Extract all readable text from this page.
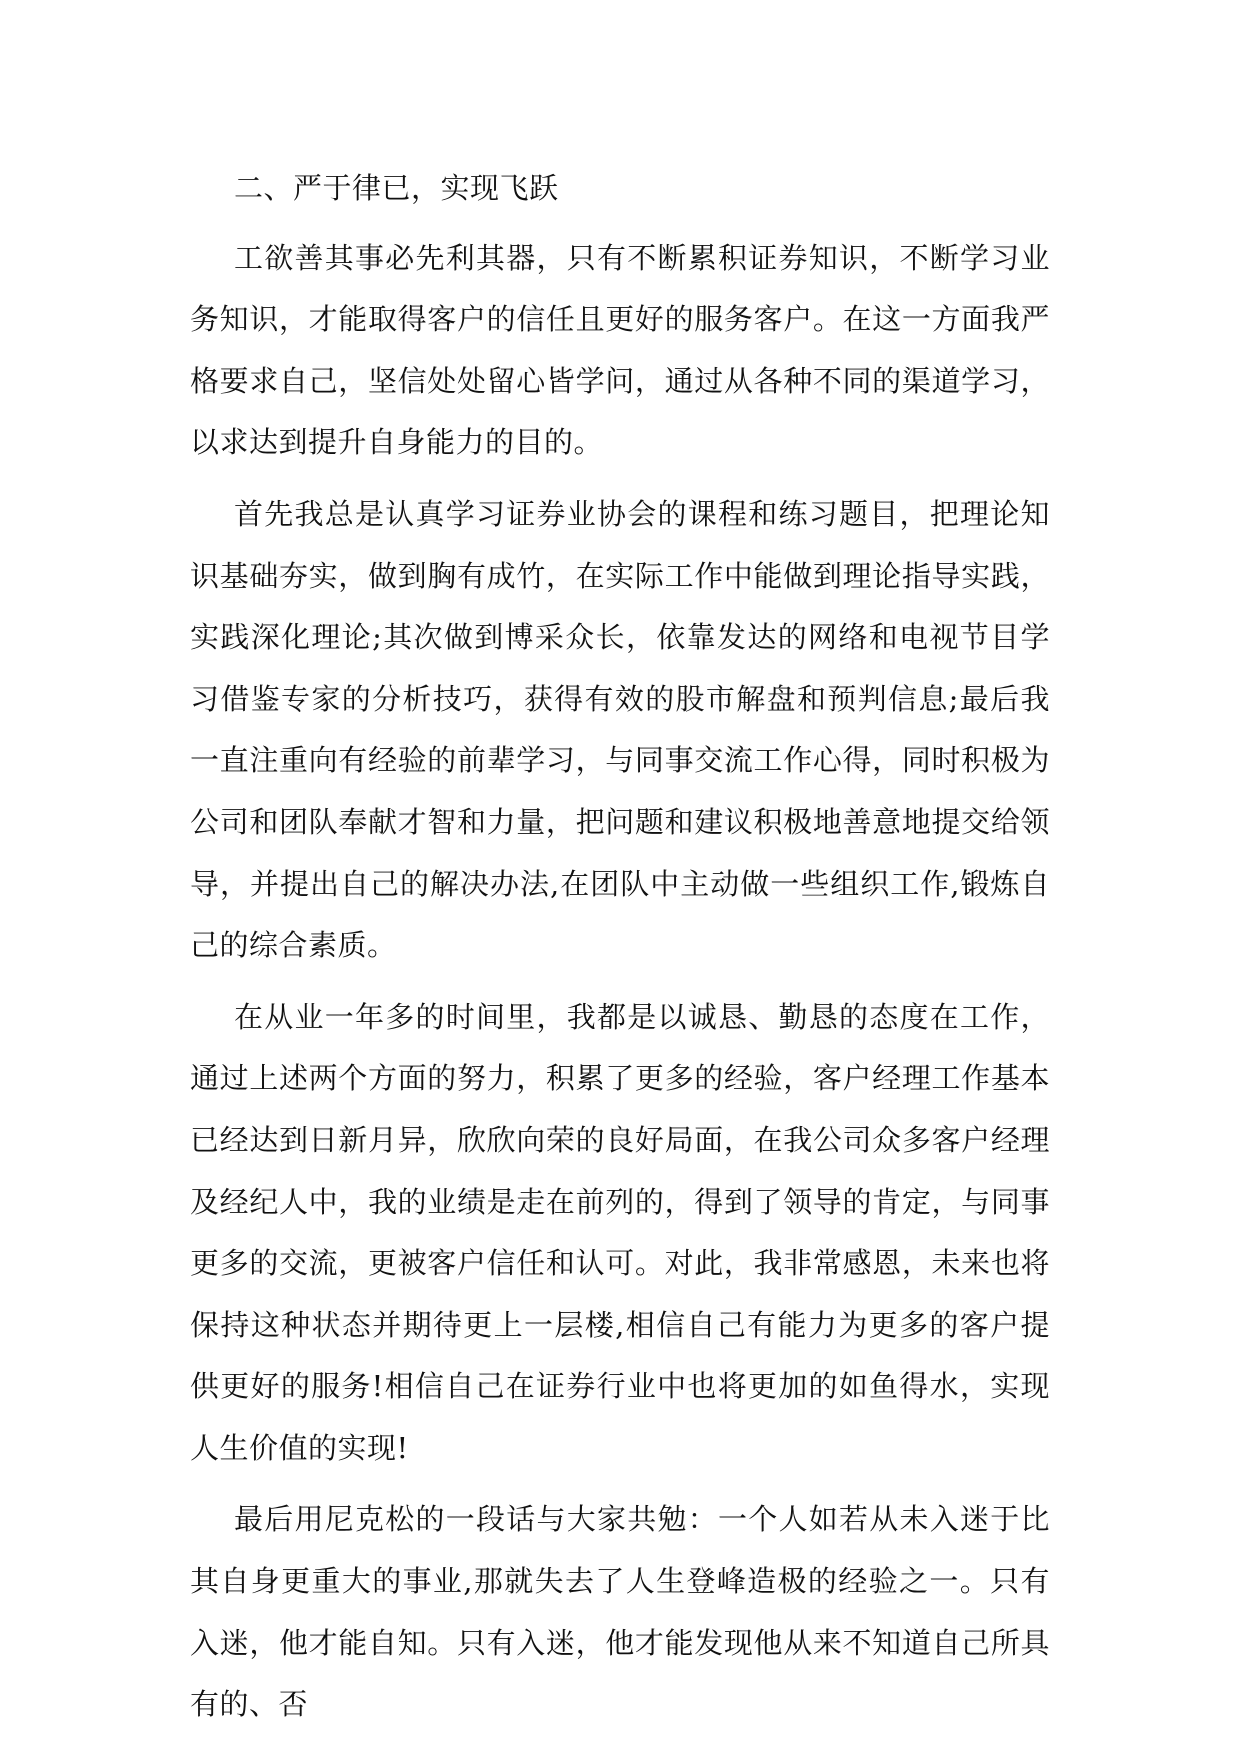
二、严于律已，实现飞跃

工欲善其事必先利其器，只有不断累积证券知识，不断学习业务知识，才能取得客户的信任且更好的服务客户。在这一方面我严格要求自己，坚信处处留心皆学问，通过从各种不同的渠道学习，以求达到提升自身能力的目的。

首先我总是认真学习证券业协会的课程和练习题目，把理论知识基础夯实，做到胸有成竹，在实际工作中能做到理论指导实践，实践深化理论;其次做到博采众长，依靠发达的网络和电视节目学习借鉴专家的分析技巧，获得有效的股市解盘和预判信息;最后我一直注重向有经验的前辈学习，与同事交流工作心得，同时积极为公司和团队奉献才智和力量，把问题和建议积极地善意地提交给领导，并提出自己的解决办法,在团队中主动做一些组织工作,锻炼自己的综合素质。

在从业一年多的时间里，我都是以诚恳、勤恳的态度在工作，通过上述两个方面的努力，积累了更多的经验，客户经理工作基本已经达到日新月异，欣欣向荣的良好局面，在我公司众多客户经理及经纪人中，我的业绩是走在前列的，得到了领导的肯定，与同事更多的交流，更被客户信任和认可。对此，我非常感恩，未来也将保持这种状态并期待更上一层楼,相信自己有能力为更多的客户提供更好的服务!相信自己在证券行业中也将更加的如鱼得水，实现人生价值的实现!

最后用尼克松的一段话与大家共勉：一个人如若从未入迷于比其自身更重大的事业,那就失去了人生登峰造极的经验之一。只有入迷，他才能自知。只有入迷，他才能发现他从来不知道自己所具有的、否
